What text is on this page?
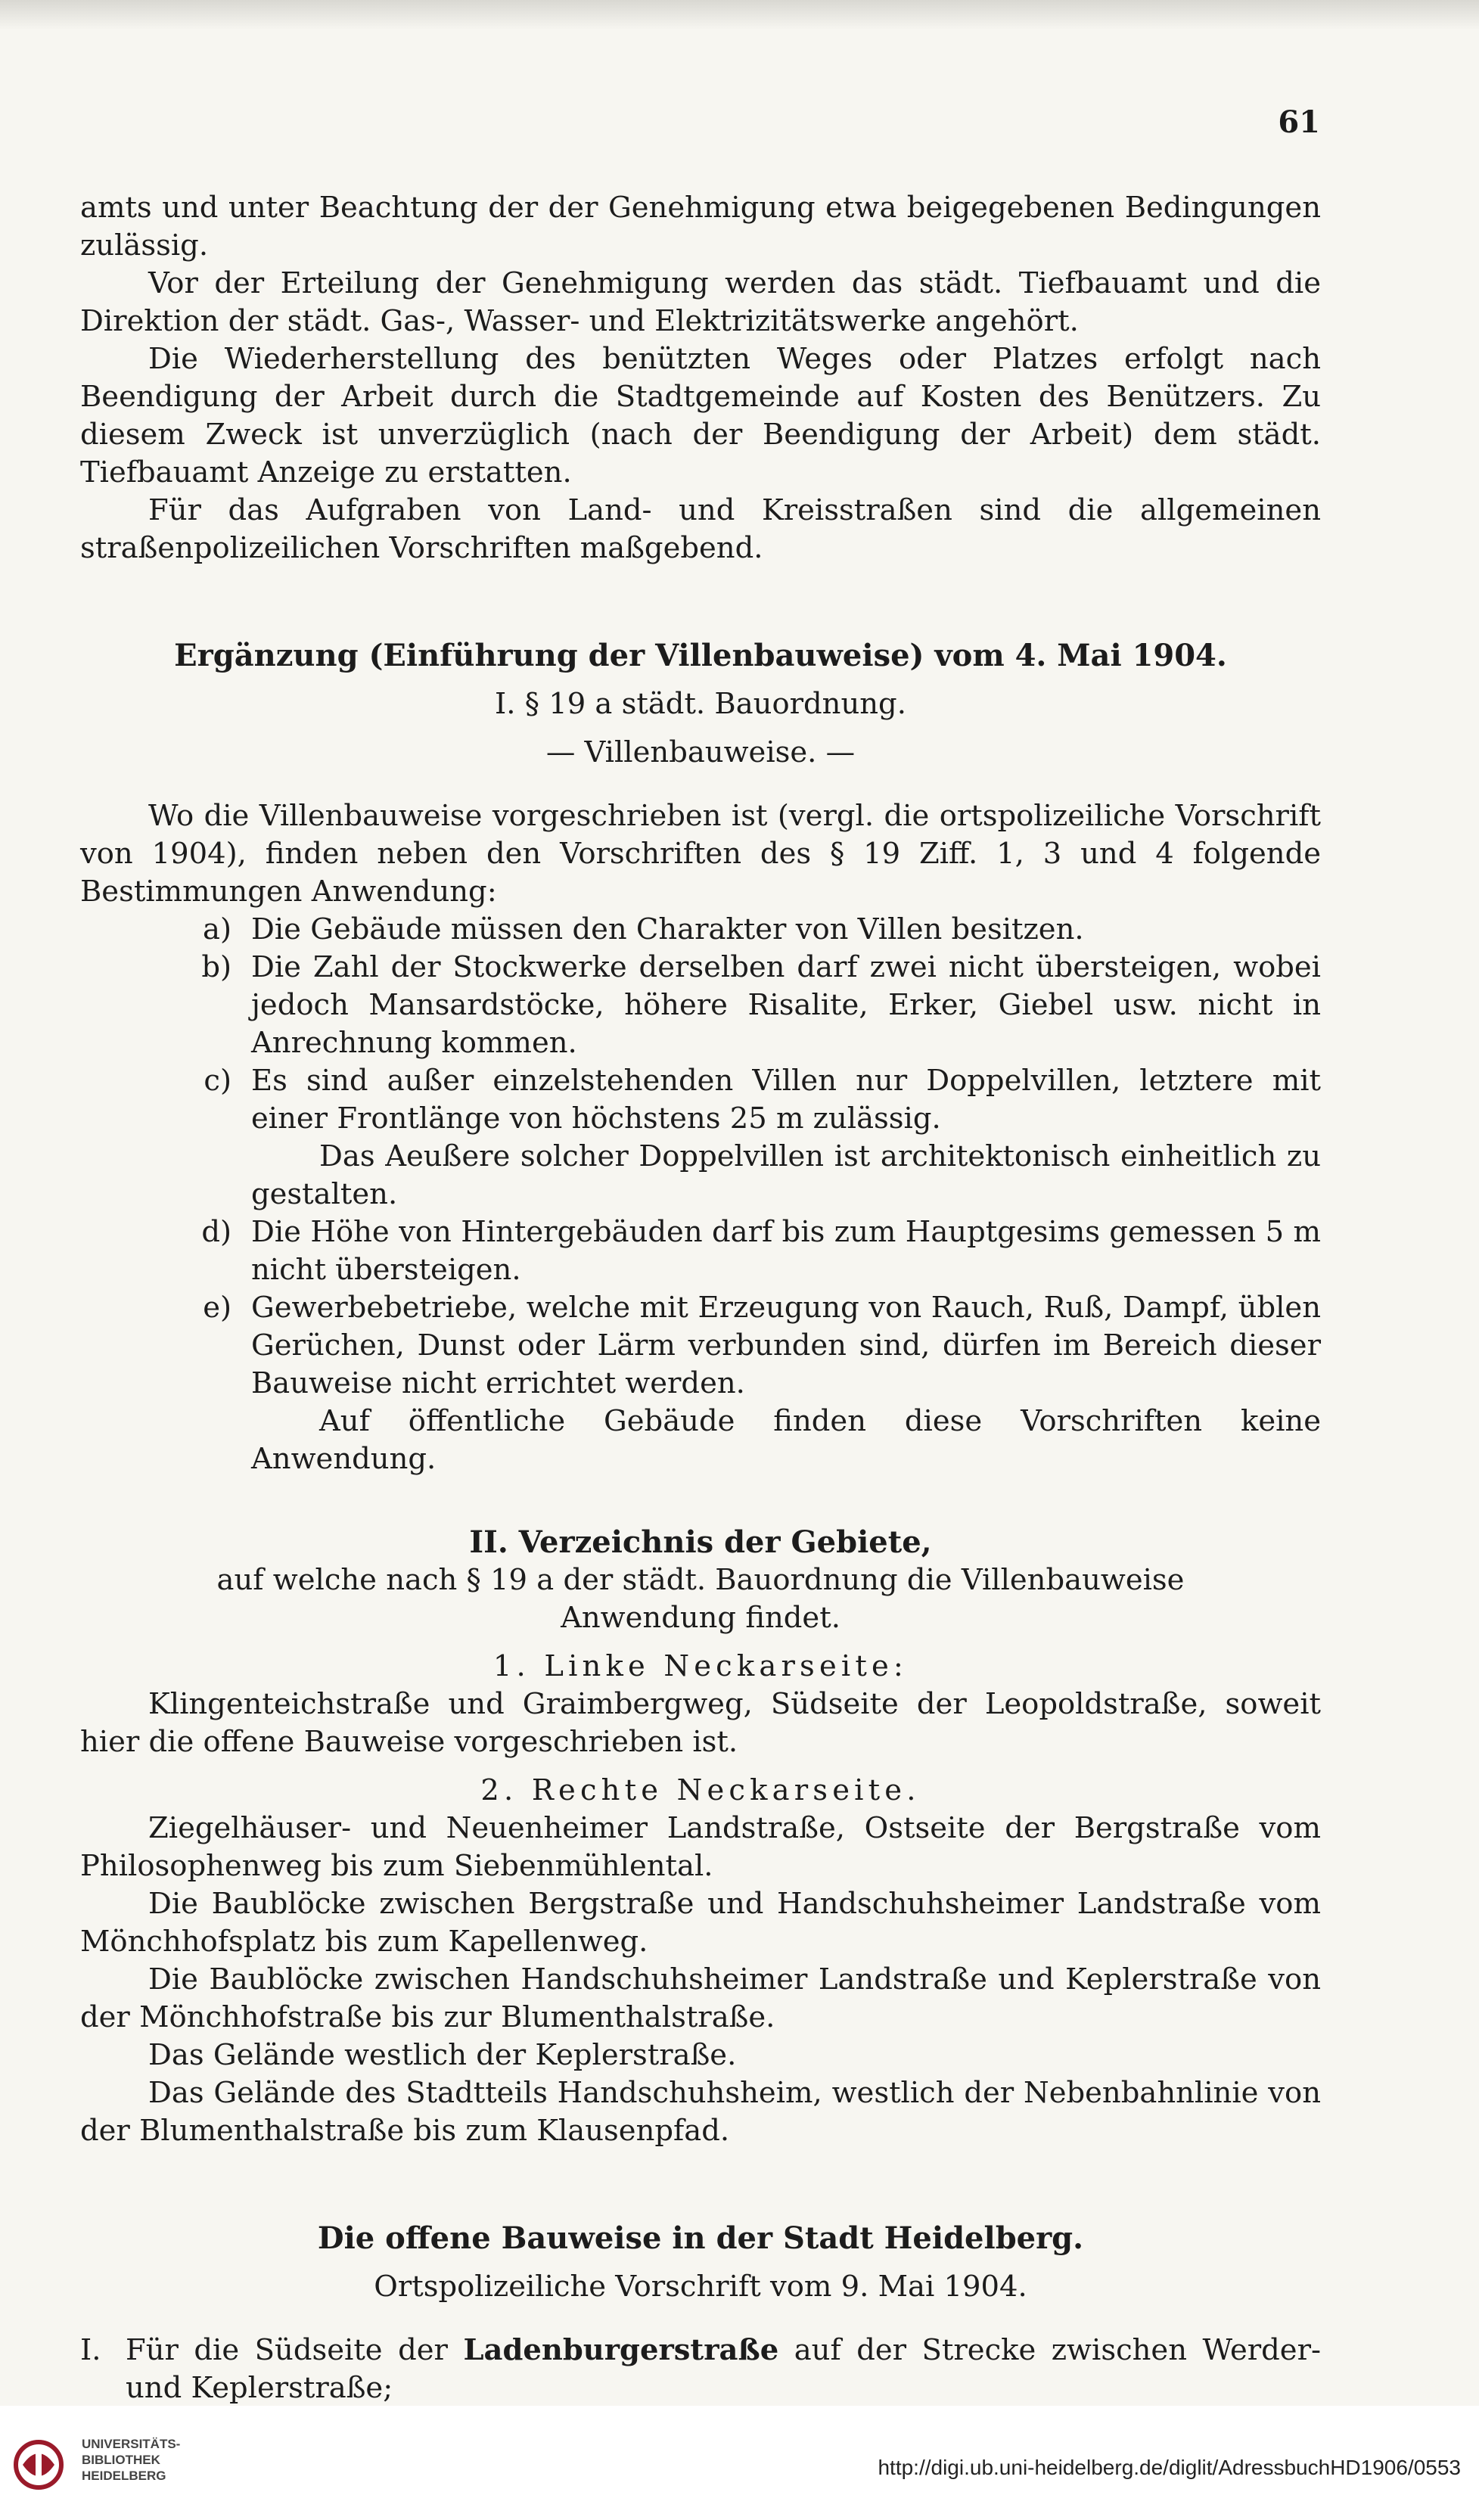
61

amts und unter Beachtung der der Genehmigung etwa beigegebenen Bedingungen zulässig.

Vor der Erteilung der Genehmigung werden das städt. Tiefbauamt und die Direktion der städt. Gas-, Wasser- und Elektrizitätswerke angehört.

Die Wiederherstellung des benützten Weges oder Platzes erfolgt nach Beendigung der Arbeit durch die Stadtgemeinde auf Kosten des Benützers. Zu diesem Zweck ist unverzüglich (nach der Beendigung der Arbeit) dem städt. Tiefbauamt Anzeige zu erstatten.

Für das Aufgraben von Land- und Kreisstraßen sind die allgemeinen straßenpolizeilichen Vorschriften maßgebend.

Ergänzung (Einführung der Villenbauweise) vom 4. Mai 1904.

I. § 19 a städt. Bauordnung.

— Villenbauweise. —

Wo die Villenbauweise vorgeschrieben ist (vergl. die ortspolizeiliche Vorschrift von 1904), finden neben den Vorschriften des § 19 Ziff. 1, 3 und 4 folgende Bestimmungen Anwendung:

a) Die Gebäude müssen den Charakter von Villen besitzen.
b) Die Zahl der Stockwerke derselben darf zwei nicht übersteigen, wobei jedoch Mansardstöcke, höhere Risalite, Erker, Giebel usw. nicht in Anrechnung kommen.
c) Es sind außer einzelstehenden Villen nur Doppelvillen, letztere mit einer Frontlänge von höchstens 25 m zulässig.

Das Aeußere solcher Doppelvillen ist architektonisch einheitlich zu gestalten.

d) Die Höhe von Hintergebäuden darf bis zum Hauptgesims gemessen 5 m nicht übersteigen.
e) Gewerbebetriebe, welche mit Erzeugung von Rauch, Ruß, Dampf, üblen Gerüchen, Dunst oder Lärm verbunden sind, dürfen im Bereich dieser Bauweise nicht errichtet werden.

Auf öffentliche Gebäude finden diese Vorschriften keine Anwendung.

II. Verzeichnis der Gebiete,

auf welche nach § 19 a der städt. Bauordnung die Villenbauweise

Anwendung findet.

1. Linke Neckarseite:

Klingenteichstraße und Graimbergweg, Südseite der Leopoldstraße, soweit hier die offene Bauweise vorgeschrieben ist.

2. Rechte Neckarseite.

Ziegelhäuser- und Neuenheimer Landstraße, Ostseite der Bergstraße vom Philosophenweg bis zum Siebenmühlental.

Die Baublöcke zwischen Bergstraße und Handschuhsheimer Landstraße vom Mönchhofsplatz bis zum Kapellenweg.

Die Baublöcke zwischen Handschuhsheimer Landstraße und Keplerstraße von der Mönchhofstraße bis zur Blumenthalstraße.

Das Gelände westlich der Keplerstraße.

Das Gelände des Stadtteils Handschuhsheim, westlich der Nebenbahnlinie von der Blumenthalstraße bis zum Klausenpfad.

Die offene Bauweise in der Stadt Heidelberg.

Ortspolizeiliche Vorschrift vom 9. Mai 1904.

I. Für die Südseite der Ladenburgerstraße auf der Strecke zwischen Werder- und Keplerstraße;
UNIVERSITÄTS-
BIBLIOTHEK
HEIDELBERG	http://digi.ub.uni-heidelberg.de/diglit/AdressbuchHD1906/0553
